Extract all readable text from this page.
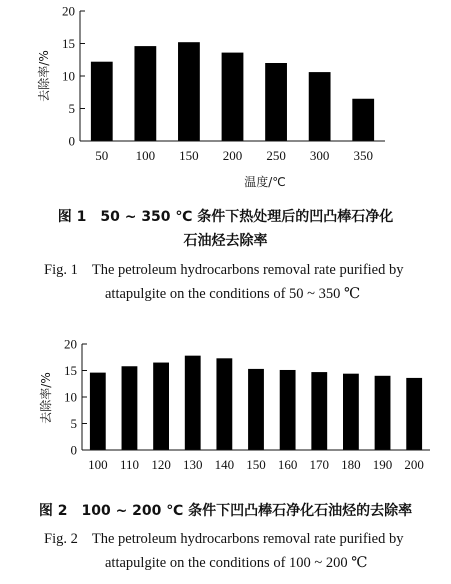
0
5
10
15
20
50 100 150 200 250 300 350
去除率/%
温度/℃

图 1 50 ~ 350 ℃ 条件下热处理后的凹凸棒石净化

石油烃去除率

Fig. 1 The petroleum hydrocarbons removal rate purified by

attapulgite on the conditions of 50 ~ 350 ℃

0
5
10
15
20
100 110 120 130 140 150 160 170 180 190 200
去除率/%

图 2 100 ~ 200 ℃ 条件下凹凸棒石净化石油烃的去除率

Fig. 2 The petroleum hydrocarbons removal rate purified by

attapulgite on the conditions of 100 ~ 200 ℃
